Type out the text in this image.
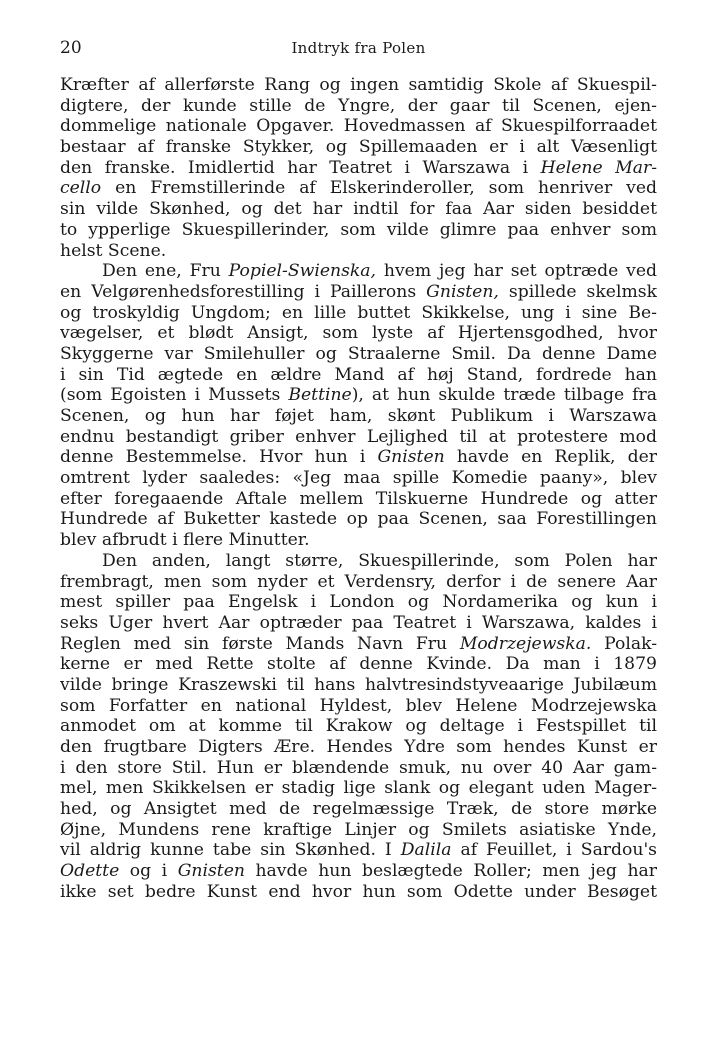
20	Indtryk fra Polen
Kræfter af allerførste Rang og ingen samtidig Skole af Skuespil-
digtere, der kunde stille de Yngre, der gaar til Scenen, ejen-
dommelige nationale Opgaver. Hovedmassen af Skuespilforraadet
bestaar af franske Stykker, og Spillemaaden er i alt Væsenligt
den franske. Imidlertid har Teatret i Warszawa i Helene Mar-
cello en Fremstillerinde af Elskerinderoller, som henriver ved
sin vilde Skønhed, og det har indtil for faa Aar siden besiddet
to ypperlige Skuespillerinder, som vilde glimre paa enhver som
helst Scene.
Den ene, Fru Popiel-Swienska, hvem jeg har set optræde ved
en Velgørenhedsforestilling i Paillerons Gnisten, spillede skelmsk
og troskyldig Ungdom; en lille buttet Skikkelse, ung i sine Be-
vægelser, et blødt Ansigt, som lyste af Hjertensgodhed, hvor
Skyggerne var Smilehuller og Straalerne Smil. Da denne Dame
i sin Tid ægtede en ældre Mand af høj Stand, fordrede han
(som Egoisten i Mussets Bettine), at hun skulde træde tilbage fra
Scenen, og hun har føjet ham, skønt Publikum i Warszawa
endnu bestandigt griber enhver Lejlighed til at protestere mod
denne Bestemmelse. Hvor hun i Gnisten havde en Replik, der
omtrent lyder saaledes: «Jeg maa spille Komedie paany», blev
efter foregaaende Aftale mellem Tilskuerne Hundrede og atter
Hundrede af Buketter kastede op paa Scenen, saa Forestillingen
blev afbrudt i flere Minutter.
Den anden, langt større, Skuespillerinde, som Polen har
frembragt, men som nyder et Verdensry, derfor i de senere Aar
mest spiller paa Engelsk i London og Nordamerika og kun i
seks Uger hvert Aar optræder paa Teatret i Warszawa, kaldes i
Reglen med sin første Mands Navn Fru Modrzejewska. Polak-
kerne er med Rette stolte af denne Kvinde. Da man i 1879
vilde bringe Kraszewski til hans halvtresindstyveaarige Jubilæum
som Forfatter en national Hyldest, blev Helene Modrzejewska
anmodet om at komme til Krakow og deltage i Festspillet til
den frugtbare Digters Ære. Hendes Ydre som hendes Kunst er
i den store Stil. Hun er blændende smuk, nu over 40 Aar gam-
mel, men Skikkelsen er stadig lige slank og elegant uden Mager-
hed, og Ansigtet med de regelmæssige Træk, de store mørke
Øjne, Mundens rene kraftige Linjer og Smilets asiatiske Ynde,
vil aldrig kunne tabe sin Skønhed. I Dalila af Feuillet, i Sardou's
Odette og i Gnisten havde hun beslægtede Roller; men jeg har
ikke set bedre Kunst end hvor hun som Odette under Besøget
